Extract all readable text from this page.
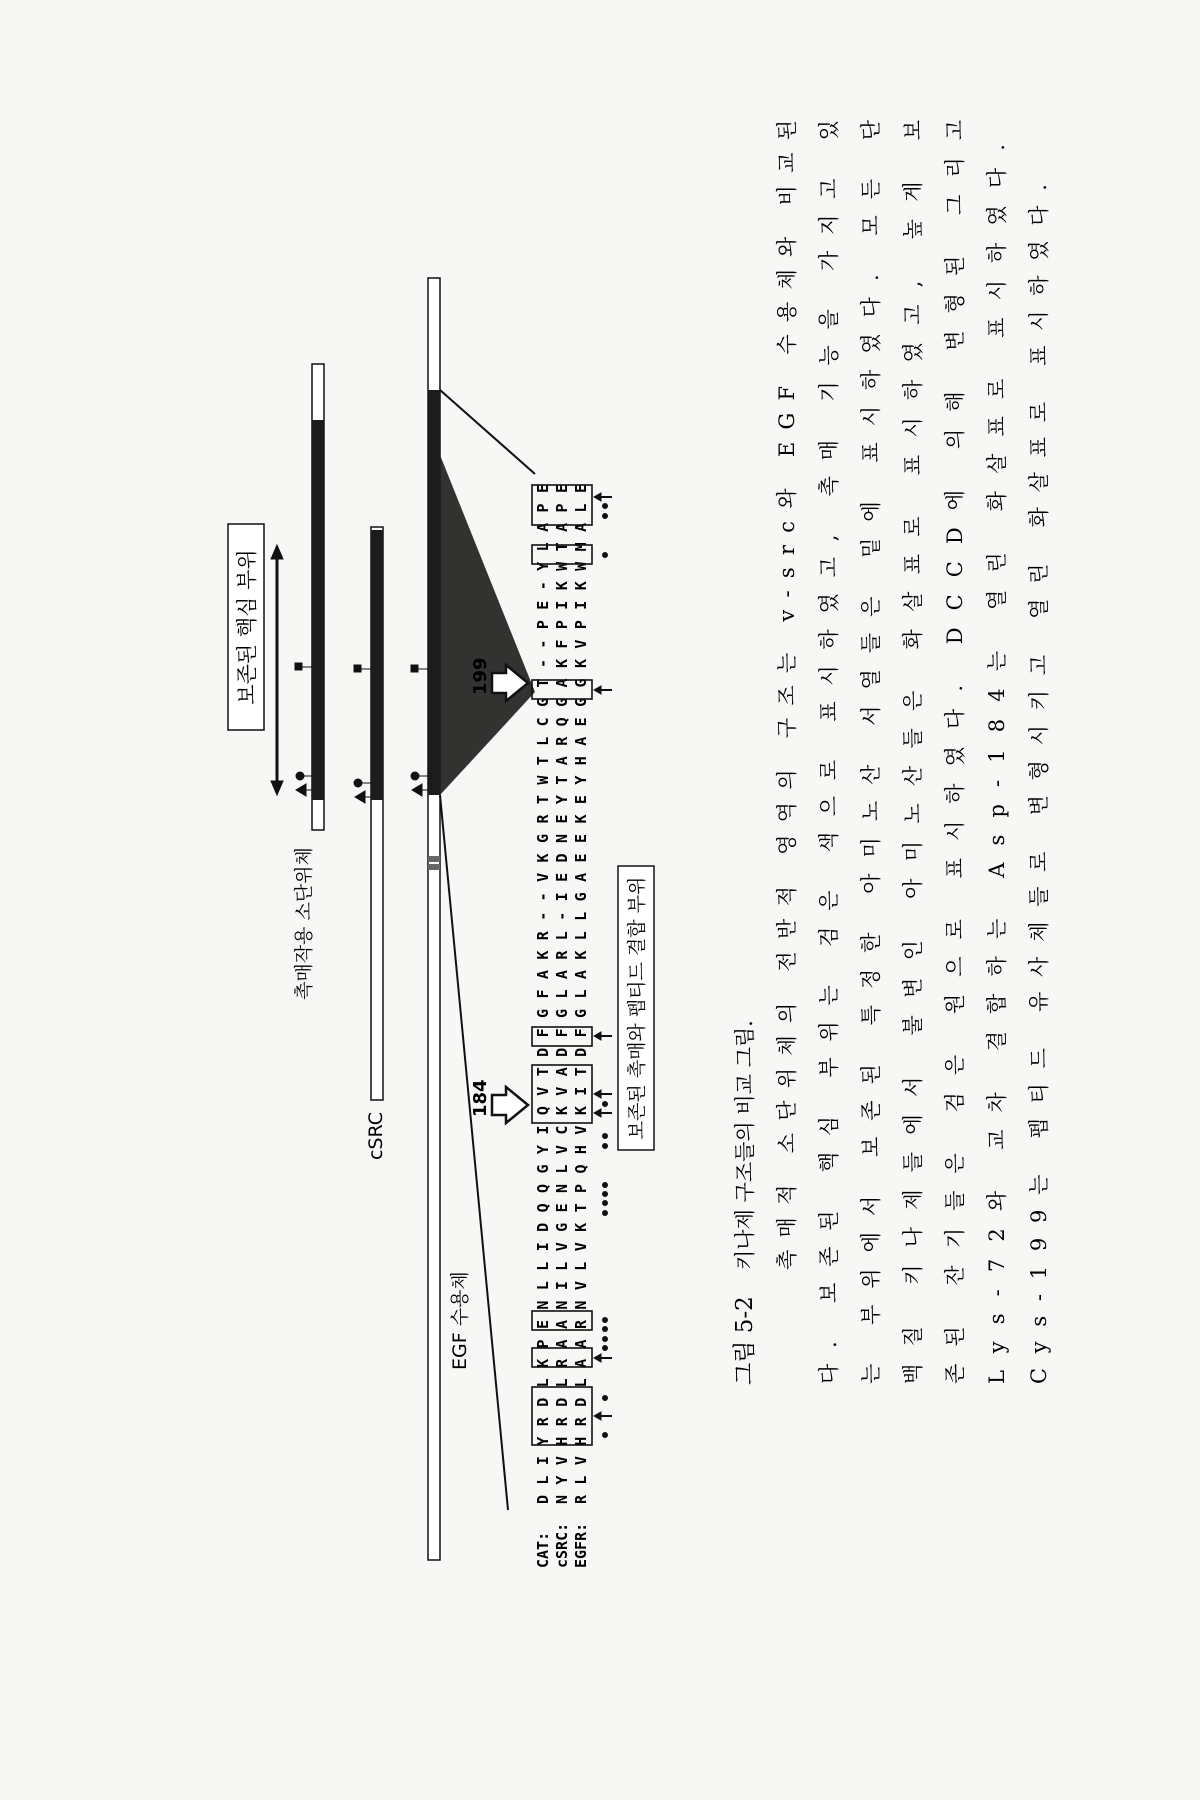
보존된 핵심 부위
촉매작용 소단위체
cSRC
EGF 수용체
CAT: cSRC: EGFR:
DLIYRDLKPENLLIDQQGYIQVTDFGFAKR--VKGRTWTLCGT--PE-YLAPE
NYVHRDLRAANILVGENLVCKVADFGLARL-IEDNEYTARQGAKFPIKWTAPE
RLVHRDLAARNVLVKTPQHVKITDFGLAKLLGAEEKEYHAEGGKVPIKWMALE
184
199
보존된 촉매와 펩티드 결합 부위
그림 5-2
키나제 구조들의 비교 그림. 촉매적 소단위체의 전반적 영역의 구조는 v-src와 EGF 수용체와 비교된
다. 보존된 핵심 부위는 검은 색으로 표시하였고, 촉매 기능을 가지고 있
는 부위에서 보존된 특정한 아미노산 서열들은 밑에 표시하였다. 모든 단
백질 키나제들에서 불변인 아미노산들은 화살표로 표시하였고, 높게 보
존된 잔기들은 검은 원으로 표시하였다. DCCD에 의해 변형된 그리고
Lys-72와 교차 결합하는 Asp-184는 열린 화살표로 표시하였다.
Cys-199는 펩티드 유사체들로 변형시키고 열린 화살표로 표시하였다.
